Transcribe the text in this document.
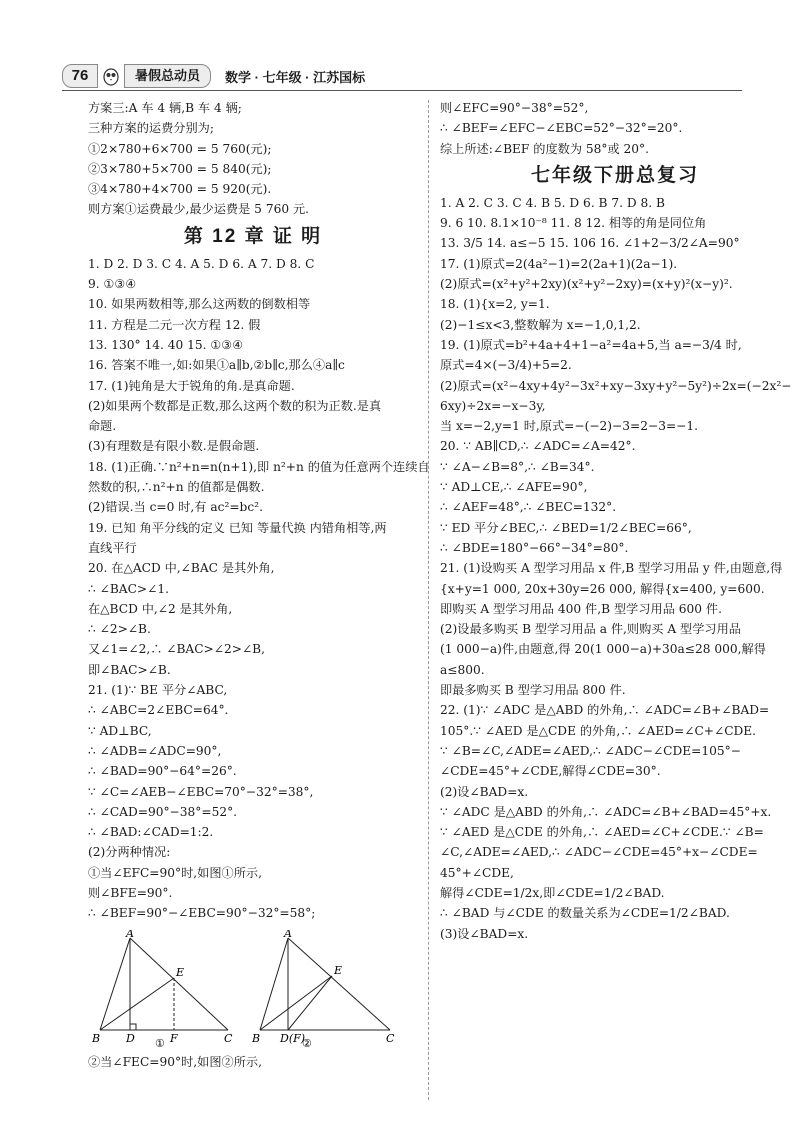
76	暑假总动员	数学 · 七年级 · 江苏国标
方案三:A 车 4 辆,B 车 4 辆;
三种方案的运费分别为;
①2×780+6×700 = 5 760(元);
②3×780+5×700 = 5 840(元);
③4×780+4×700 = 5 920(元).
则方案①运费最少,最少运费是 5 760 元.
第 12 章 证 明
1. D 2. D 3. C 4. A 5. D 6. A 7. D 8. C
9. ①③④
10. 如果两数相等,那么这两数的倒数相等
11. 方程是二元一次方程 12. 假
13. 130° 14. 40 15. ①③④
16. 答案不唯一,如:如果①a∥b,②b∥c,那么④a∥c
17. (1)钝角是大于锐角的角.是真命题.
(2)如果两个数都是正数,那么这两个数的积为正数.是真
命题.
(3)有理数是有限小数.是假命题.
18. (1)正确.∵n²+n=n(n+1),即 n²+n 的值为任意两个连续自
然数的积,∴n²+n 的值都是偶数.
(2)错误.当 c=0 时,有 ac²=bc².
19. 已知 角平分线的定义 已知 等量代换 内错角相等,两
直线平行
20. 在△ACD 中,∠BAC 是其外角,
∴ ∠BAC>∠1.
在△BCD 中,∠2 是其外角,
∴ ∠2>∠B.
又∠1=∠2,∴ ∠BAC>∠2>∠B,
即∠BAC>∠B.
21. (1)∵ BE 平分∠ABC,
∴ ∠ABC=2∠EBC=64°.
∵ AD⊥BC,
∴ ∠ADB=∠ADC=90°,
∴ ∠BAD=90°−64°=26°.
∵ ∠C=∠AEB−∠EBC=70°−32°=38°,
∴ ∠CAD=90°−38°=52°.
∴ ∠BAD:∠CAD=1:2.
(2)分两种情况:
①当∠EFC=90°时,如图①所示,
则∠BFE=90°.
∴ ∠BEF=90°−∠EBC=90°−32°=58°;
A
B D	F	C
E
①
A
B D(F)	C
E
②
②当∠FEC=90°时,如图②所示,
则∠EFC=90°−38°=52°,
∴ ∠BEF=∠EFC−∠EBC=52°−32°=20°.
综上所述:∠BEF 的度数为 58°或 20°.
七年级下册总复习
1. A 2. C 3. C 4. B 5. D 6. B 7. D 8. B
9. 6 10. 8.1×10⁻⁸ 11. 8 12. 相等的角是同位角
13. 3/5 14. a≤−5 15. 106 16. ∠1+2−3/2∠A=90°
17. (1)原式=2(4a²−1)=2(2a+1)(2a−1).
(2)原式=(x²+y²+2xy)(x²+y²−2xy)=(x+y)²(x−y)².
18. (1){x=2, y=1.
(2)−1≤x<3,整数解为 x=−1,0,1,2.
19. (1)原式=b²+4a+4+1−a²=4a+5,当 a=−3/4 时,
原式=4×(−3/4)+5=2.
(2)原式=(x²−4xy+4y²−3x²+xy−3xy+y²−5y²)÷2x=(−2x²−
6xy)÷2x=−x−3y,
当 x=−2,y=1 时,原式=−(−2)−3=2−3=−1.
20. ∵ AB∥CD,∴ ∠ADC=∠A=42°.
∵ ∠A−∠B=8°,∴ ∠B=34°.
∵ AD⊥CE,∴ ∠AFE=90°,
∴ ∠AEF=48°,∴ ∠BEC=132°.
∵ ED 平分∠BEC,∴ ∠BED=1/2∠BEC=66°,
∴ ∠BDE=180°−66°−34°=80°.
21. (1)设购买 A 型学习用品 x 件,B 型学习用品 y 件,由题意,得
{x+y=1 000, 20x+30y=26 000, 解得{x=400, y=600.
即购买 A 型学习用品 400 件,B 型学习用品 600 件.
(2)设最多购买 B 型学习用品 a 件,则购买 A 型学习用品
(1 000−a)件,由题意,得 20(1 000−a)+30a≤28 000,解得
a≤800.
即最多购买 B 型学习用品 800 件.
22. (1)∵ ∠ADC 是△ABD 的外角,∴ ∠ADC=∠B+∠BAD=
105°.∵ ∠AED 是△CDE 的外角,∴ ∠AED=∠C+∠CDE.
∵ ∠B=∠C,∠ADE=∠AED,∴ ∠ADC−∠CDE=105°−
∠CDE=45°+∠CDE,解得∠CDE=30°.
(2)设∠BAD=x.
∵ ∠ADC 是△ABD 的外角,∴ ∠ADC=∠B+∠BAD=45°+x.
∵ ∠AED 是△CDE 的外角,∴ ∠AED=∠C+∠CDE.∵ ∠B=
∠C,∠ADE=∠AED,∴ ∠ADC−∠CDE=45°+x−∠CDE=
45°+∠CDE,
解得∠CDE=1/2x,即∠CDE=1/2∠BAD.
∴ ∠BAD 与∠CDE 的数量关系为∠CDE=1/2∠BAD.
(3)设∠BAD=x.
